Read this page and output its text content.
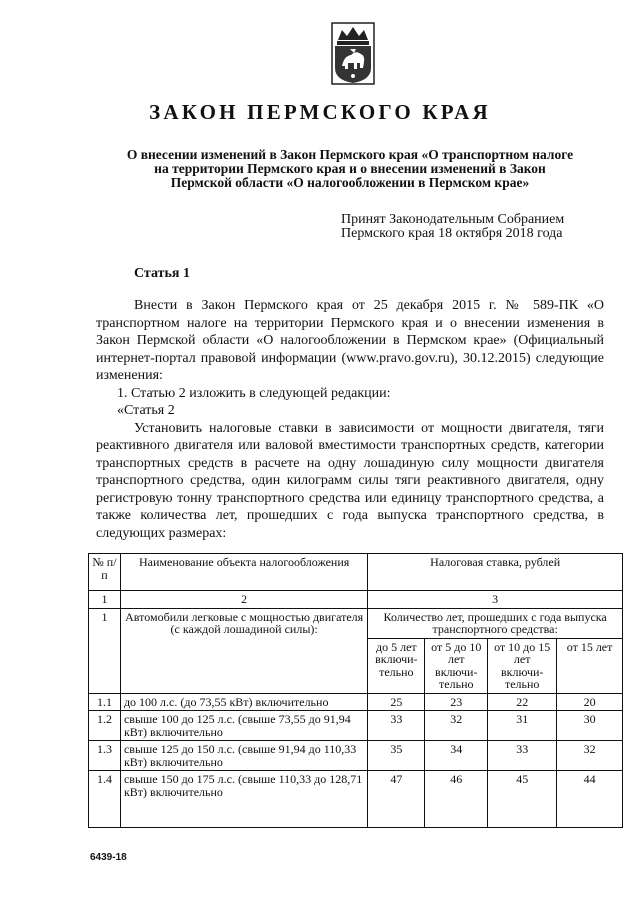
ЗАКОН ПЕРМСКОГО КРАЯ
О внесении изменений в Закон Пермского края «О транспортном налоге
на территории Пермского края и о внесении изменений в Закон
Пермской области «О налогообложении в Пермском крае»
Принят Законодательным Собранием
Пермского края 18 октября 2018 года
Статья 1

Внести в Закон Пермского края от 25 декабря 2015 г. № 589-ПК «О транспортном налоге на территории Пермского края и о внесении изменения в Закон Пермской области «О налогообложении в Пермском крае» (Официальный интернет-портал правовой информации (www.pravo.gov.ru), 30.12.2015) следующие изменения:

1. Статью 2 изложить в следующей редакции:

«Статья 2

Установить налоговые ставки в зависимости от мощности двигателя, тяги реактивного двигателя или валовой вместимости транспортных средств, категории транспортных средств в расчете на одну лошадиную силу мощности двигателя транспортного средства, один килограмм силы тяги реактивного двигателя, одну регистровую тонну транспортного средства или единицу транспортного средства, а также количества лет, прошедших с года выпуска транспортного средства, в следующих размерах:

№ п/п	Наименование объекта налогообложения	Налоговая ставка, рублей			
1	2	3			
1	Автомобили легковые с мощностью двигателя (с каждой лошадиной силы):	Количество лет, прошедших с года выпуска транспортного средства:			
		до 5 лет включи-тельно	от 5 до 10 лет включи-тельно	от 10 до 15 лет включи-тельно	от 15 лет
1.1	до 100 л.с. (до 73,55 кВт) включительно	25	23	22	20
1.2	свыше 100 до 125 л.с. (свыше 73,55 до 91,94 кВт) включительно	33	32	31	30
1.3	свыше 125 до 150 л.с. (свыше 91,94 до 110,33 кВт) включительно	35	34	33	32
1.4	свыше 150 до 175 л.с. (свыше 110,33 до 128,71 кВт) включительно	47	46	45	44
6439-18
